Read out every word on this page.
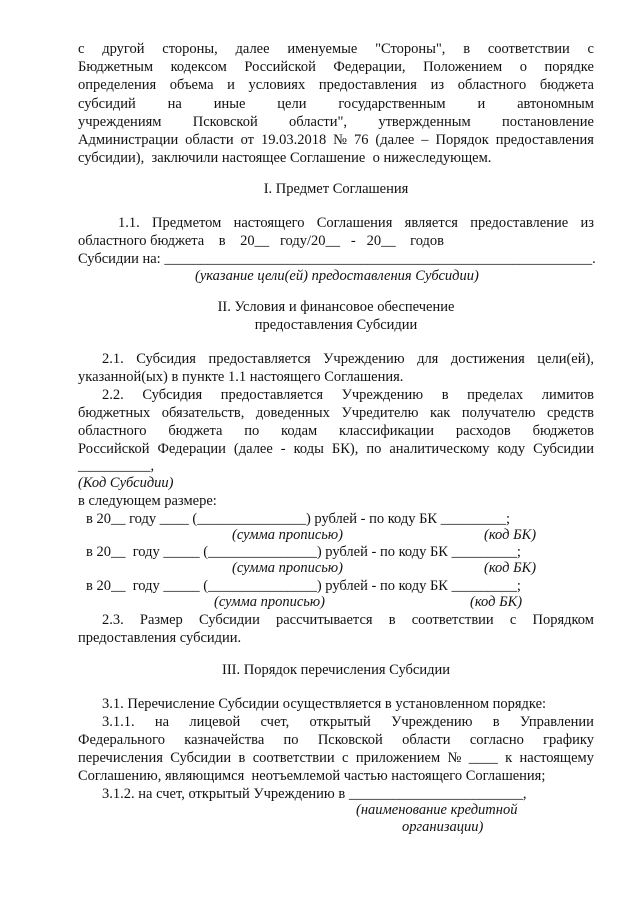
с другой стороны, далее именуемые "Стороны", в соответствии с
Бюджетным кодексом Российской Федерации, Положением о порядке
определения объема и условиях предоставления из областного бюджета
субсидий на иные цели государственным и автономным
учреждениям Псковской области", утвержденным постановление
Администрации области от 19.03.2018 № 76 (далее – Порядок предоставления
субсидии),  заключили настоящее Соглашение  о нижеследующем.
I. Предмет Соглашения
1.1. Предметом настоящего Соглашения является предоставление из
областного бюджета    в    20__   году/20__   -   20__    годов
Субсидии на: ___________________________________________________________.
(указание цели(ей) предоставления Субсидии)
II. Условия и финансовое обеспечение
предоставления Субсидии
2.1. Субсидия предоставляется Учреждению для достижения цели(ей),
указанной(ых) в пункте 1.1 настоящего Соглашения.
2.2. Субсидия предоставляется Учреждению в пределах лимитов
бюджетных обязательств, доведенных Учредителю как получателю средств
областного бюджета по кодам классификации расходов бюджетов
Российской Федерации (далее - коды БК), по аналитическому коду Субсидии
__________,
(Код Субсидии)
в следующем размере:
в 20__ году ____ (_______________) рублей - по коду БК _________;
(сумма прописью)	(код БК)
в 20__  году _____ (_______________) рублей - по коду БК _________;
(сумма прописью)	(код БК)
в 20__  году _____ (_______________) рублей - по коду БК _________;
(сумма прописью)	(код БК)
2.3. Размер Субсидии рассчитывается в соответствии с Порядком
предоставления субсидии.
III. Порядок перечисления Субсидии
3.1. Перечисление Субсидии осуществляется в установленном порядке:
3.1.1. на лицевой счет, открытый Учреждению в Управлении
Федерального казначейства по Псковской области согласно графику
перечисления Субсидии в соответствии с приложением № ____ к настоящему
Соглашению, являющимся  неотъемлемой частью настоящего Соглашения;
3.1.2. на счет, открытый Учреждению в ________________________,
(наименование кредитной
организации)
